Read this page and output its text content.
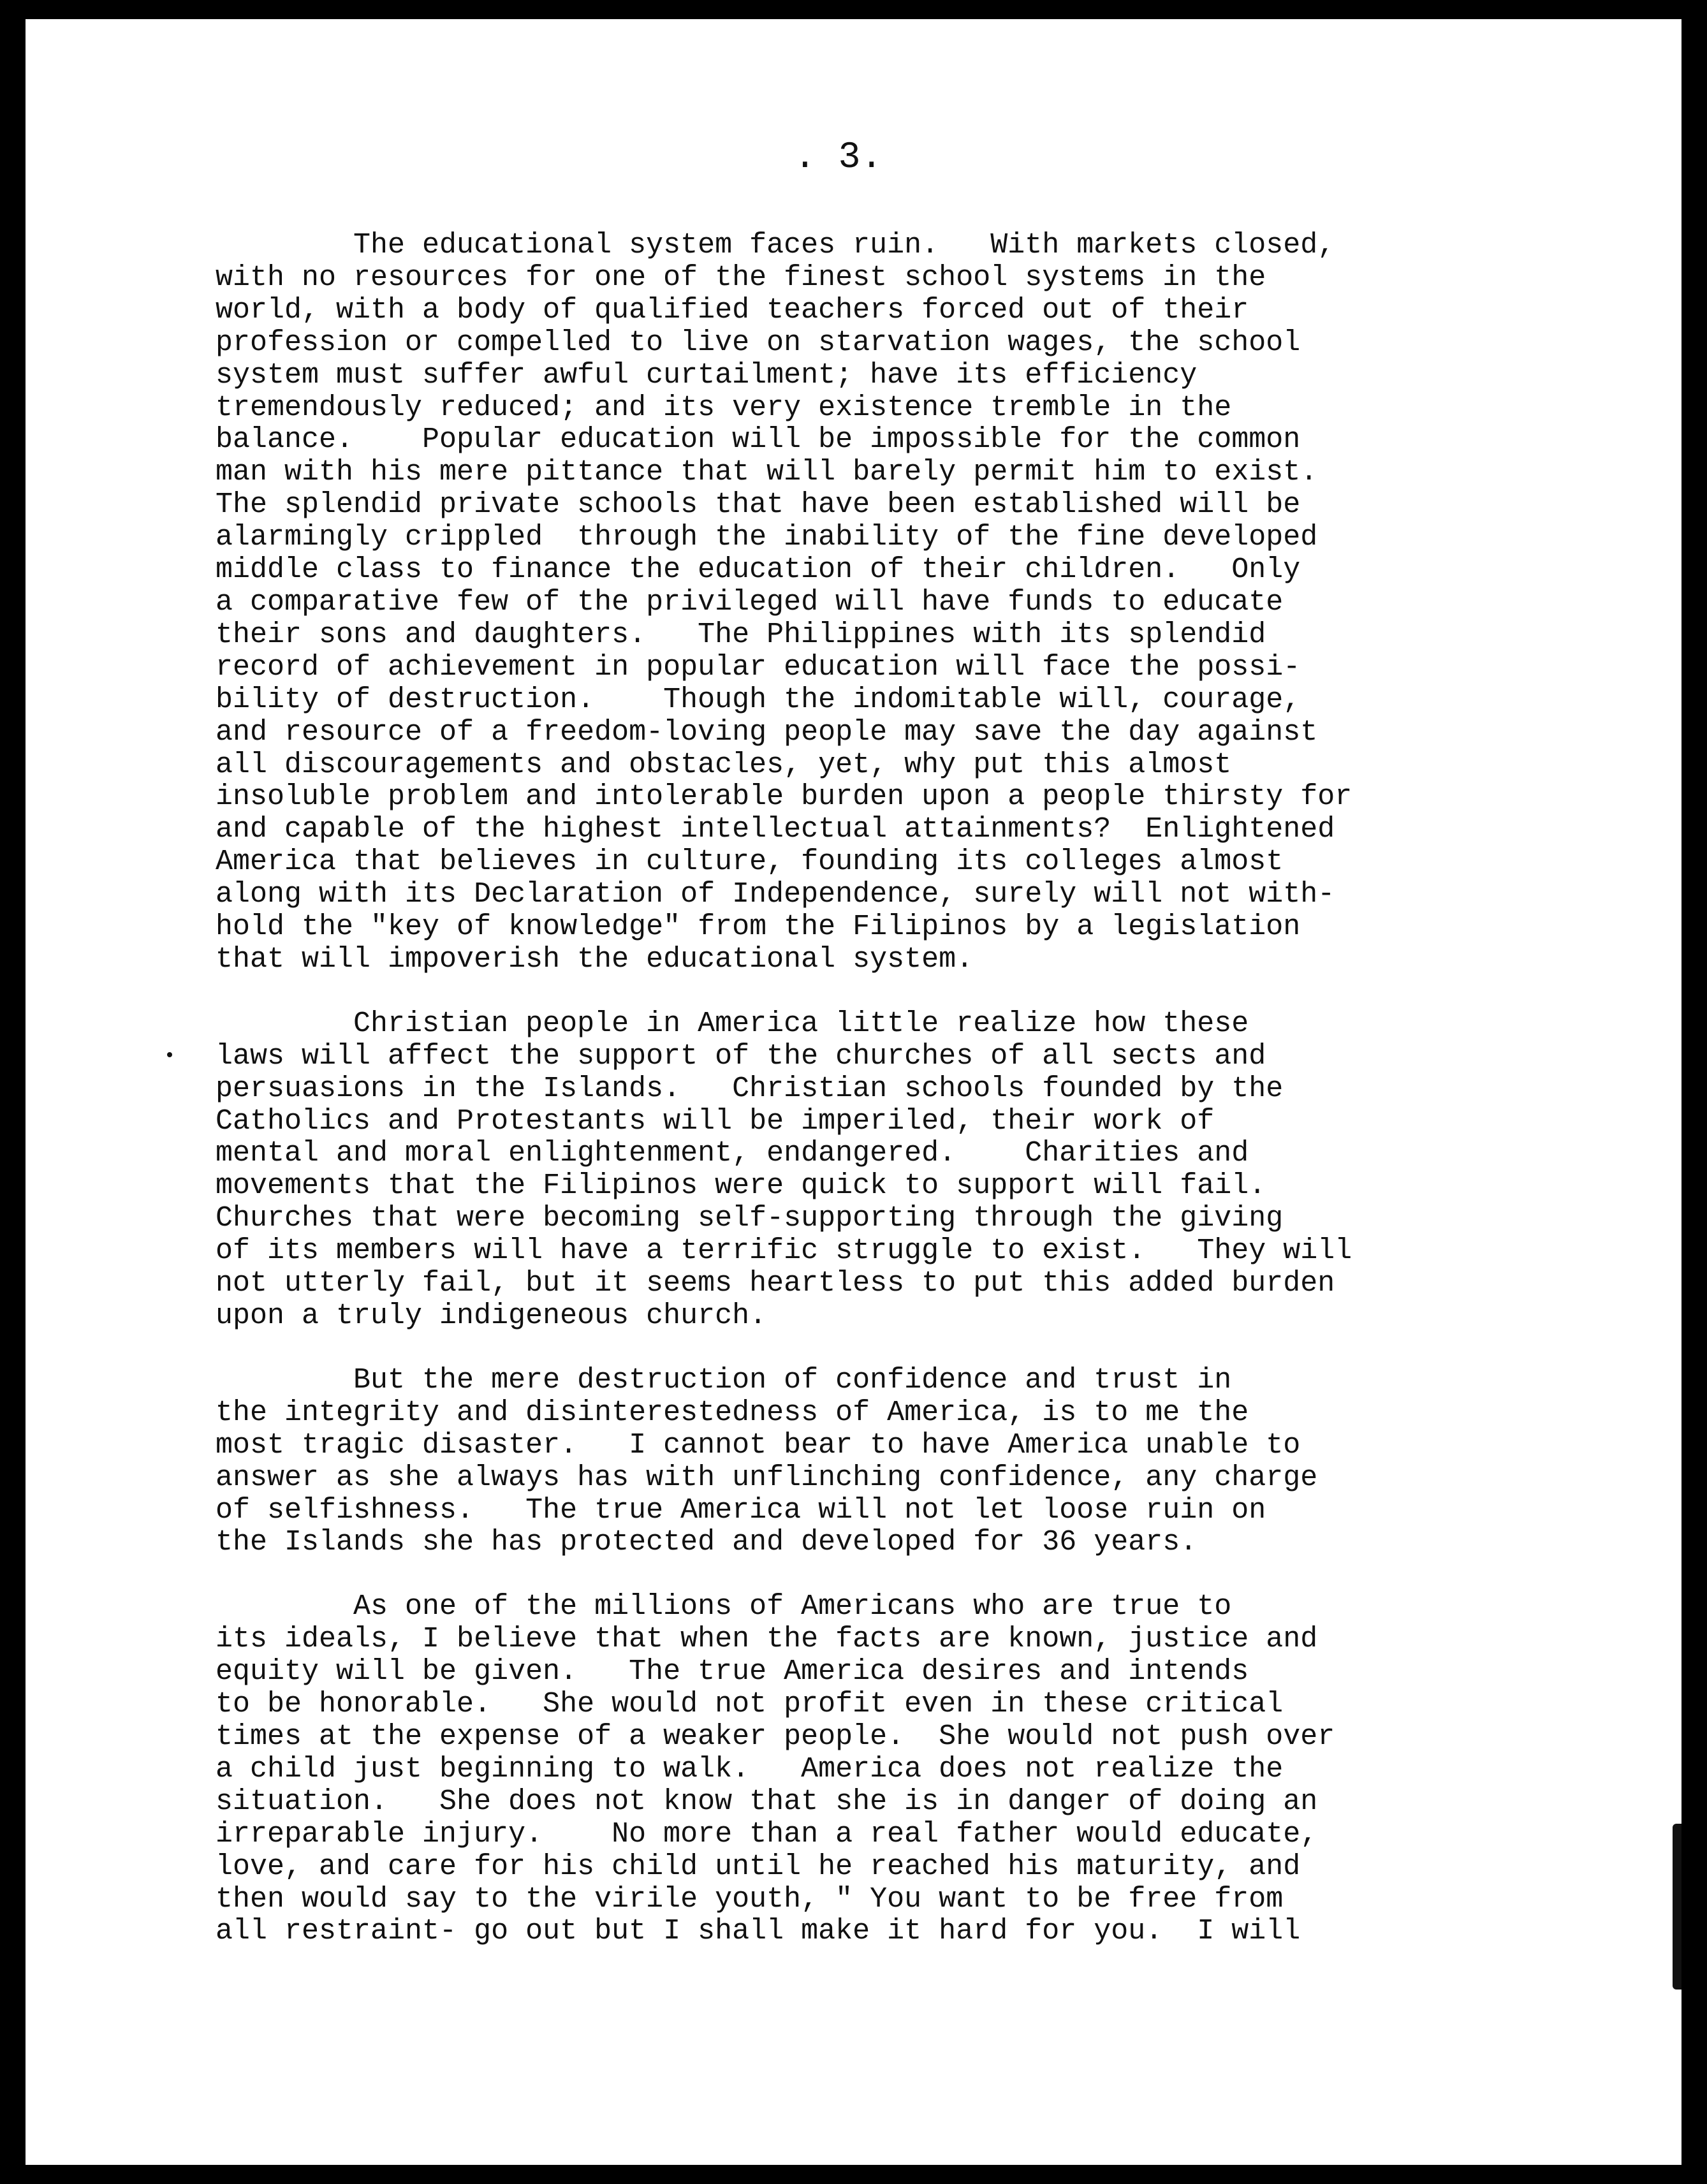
. 3.
The educational system faces ruin.   With markets closed,
with no resources for one of the finest school systems in the
world, with a body of qualified teachers forced out of their
profession or compelled to live on starvation wages, the school
system must suffer awful curtailment; have its efficiency
tremendously reduced; and its very existence tremble in the
balance.    Popular education will be impossible for the common
man with his mere pittance that will barely permit him to exist.
The splendid private schools that have been established will be
alarmingly crippled  through the inability of the fine developed
middle class to finance the education of their children.   Only
a comparative few of the privileged will have funds to educate
their sons and daughters.   The Philippines with its splendid
record of achievement in popular education will face the possi-
bility of destruction.    Though the indomitable will, courage,
and resource of a freedom-loving people may save the day against
all discouragements and obstacles, yet, why put this almost
insoluble problem and intolerable burden upon a people thirsty for
and capable of the highest intellectual attainments?  Enlightened
America that believes in culture, founding its colleges almost
along with its Declaration of Independence, surely will not with-
hold the "key of knowledge" from the Filipinos by a legislation
that will impoverish the educational system.
Christian people in America little realize how these
laws will affect the support of the churches of all sects and
persuasions in the Islands.   Christian schools founded by the
Catholics and Protestants will be imperiled, their work of
mental and moral enlightenment, endangered.    Charities and
movements that the Filipinos were quick to support will fail.
Churches that were becoming self-supporting through the giving
of its members will have a terrific struggle to exist.   They will
not utterly fail, but it seems heartless to put this added burden
upon a truly indigeneous church.
But the mere destruction of confidence and trust in
the integrity and disinterestedness of America, is to me the
most tragic disaster.   I cannot bear to have America unable to
answer as she always has with unflinching confidence, any charge
of selfishness.   The true America will not let loose ruin on
the Islands she has protected and developed for 36 years.
As one of the millions of Americans who are true to
its ideals, I believe that when the facts are known, justice and
equity will be given.   The true America desires and intends
to be honorable.   She would not profit even in these critical
times at the expense of a weaker people.  She would not push over
a child just beginning to walk.   America does not realize the
situation.   She does not know that she is in danger of doing an
irreparable injury.    No more than a real father would educate,
love, and care for his child until he reached his maturity, and
then would say to the virile youth, " You want to be free from
all restraint- go out but I shall make it hard for you.  I will
